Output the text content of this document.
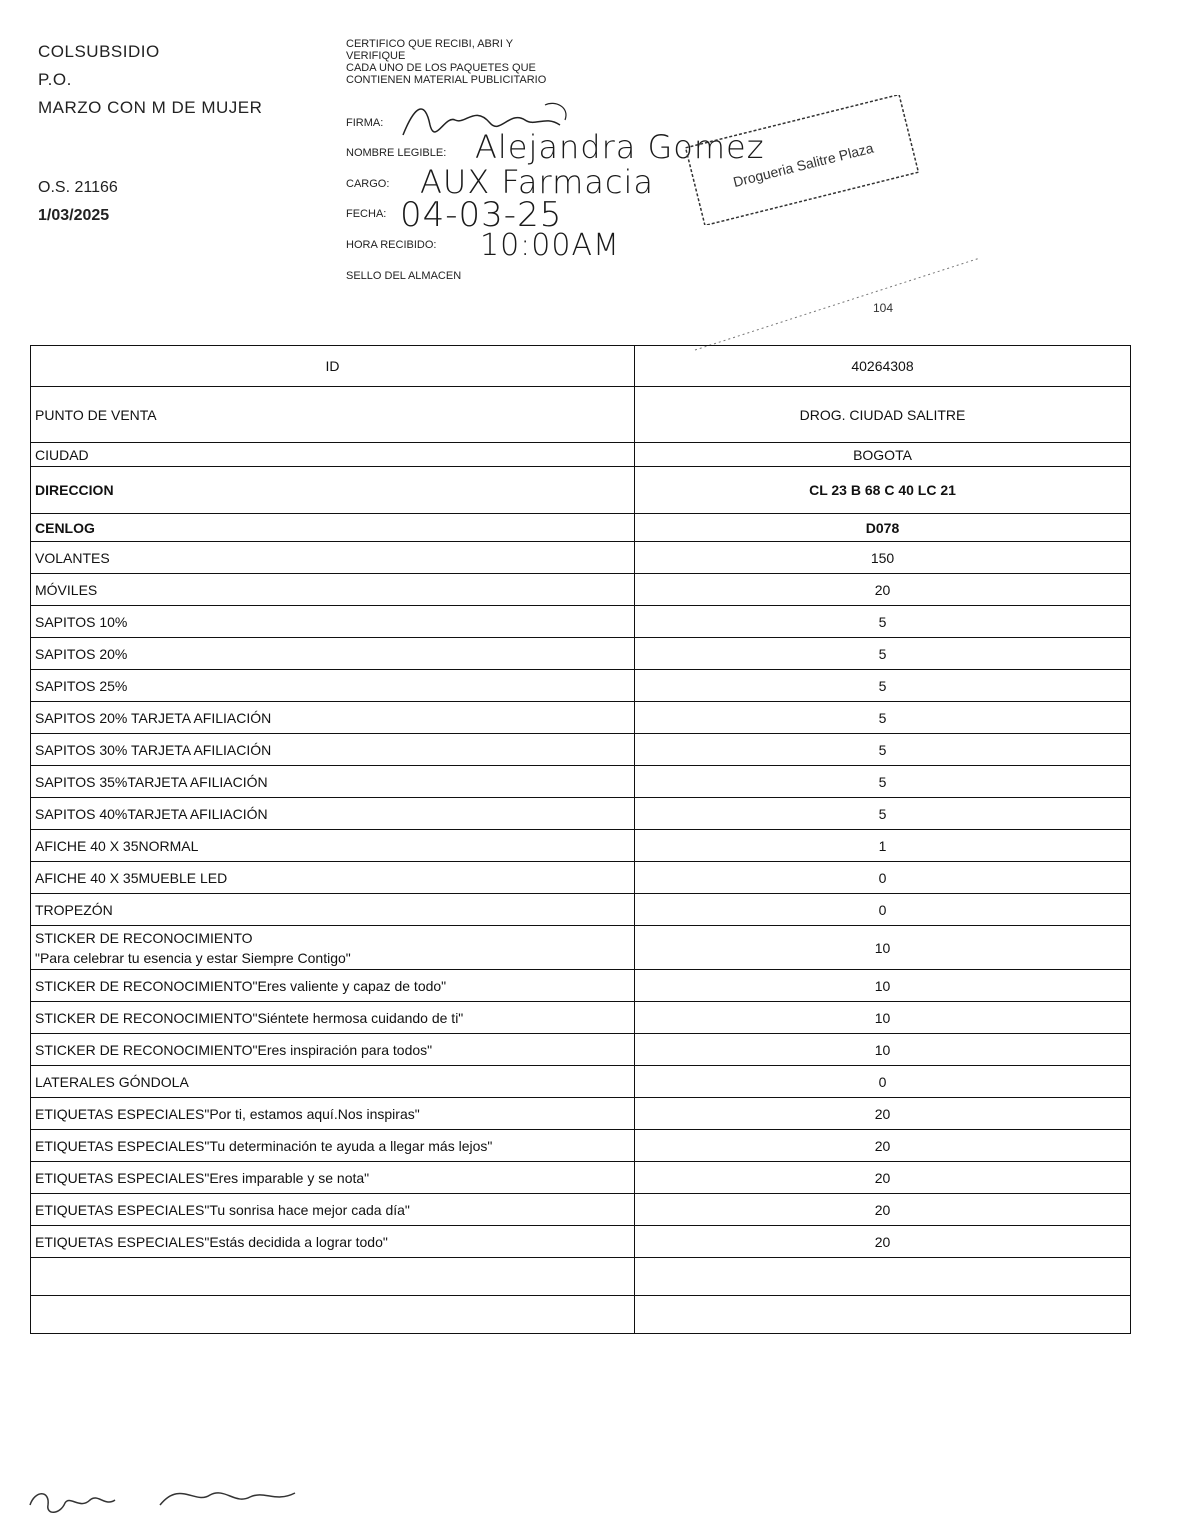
COLSUBSIDIO
P.O.
MARZO CON M DE MUJER
O.S. 21166
1/03/2025
CERTIFICO QUE RECIBI, ABRI Y
VERIFIQUE
CADA UNO DE LOS PAQUETES QUE
CONTIENEN MATERIAL PUBLICITARIO
FIRMA:
NOMBRE LEGIBLE:
CARGO:
FECHA:
HORA RECIBIDO:
SELLO DEL ALMACEN
Alejandra Gomez
AUX Farmacia
04-03-25
10:00AM
Drogueria Salitre Plaza
104
ID	40264308
PUNTO DE VENTA	DROG. CIUDAD SALITRE
CIUDAD	BOGOTA
DIRECCION	CL 23 B 68 C 40 LC 21
CENLOG	D078
VOLANTES	150
MÓVILES	20
SAPITOS 10%	5
SAPITOS 20%	5
SAPITOS 25%	5
SAPITOS 20% TARJETA AFILIACIÓN	5
SAPITOS 30% TARJETA AFILIACIÓN	5
SAPITOS 35%TARJETA AFILIACIÓN	5
SAPITOS 40%TARJETA AFILIACIÓN	5
AFICHE 40 X 35NORMAL	1
AFICHE 40 X 35MUEBLE LED	0
TROPEZÓN	0

STICKER DE RECONOCIMIENTO
"Para celebrar tu esencia y estar Siempre Contigo"	10
STICKER DE RECONOCIMIENTO"Eres valiente y capaz de todo"	10
STICKER DE RECONOCIMIENTO"Siéntete hermosa cuidando de ti"	10
STICKER DE RECONOCIMIENTO"Eres inspiración para todos"	10
LATERALES GÓNDOLA	0
ETIQUETAS ESPECIALES"Por ti, estamos aquí.Nos inspiras"	20
ETIQUETAS ESPECIALES"Tu determinación te ayuda a llegar más lejos"	20
ETIQUETAS ESPECIALES"Eres imparable y se nota"	20
ETIQUETAS ESPECIALES"Tu sonrisa hace mejor cada día"	20
ETIQUETAS ESPECIALES"Estás decidida a lograr todo"	20
